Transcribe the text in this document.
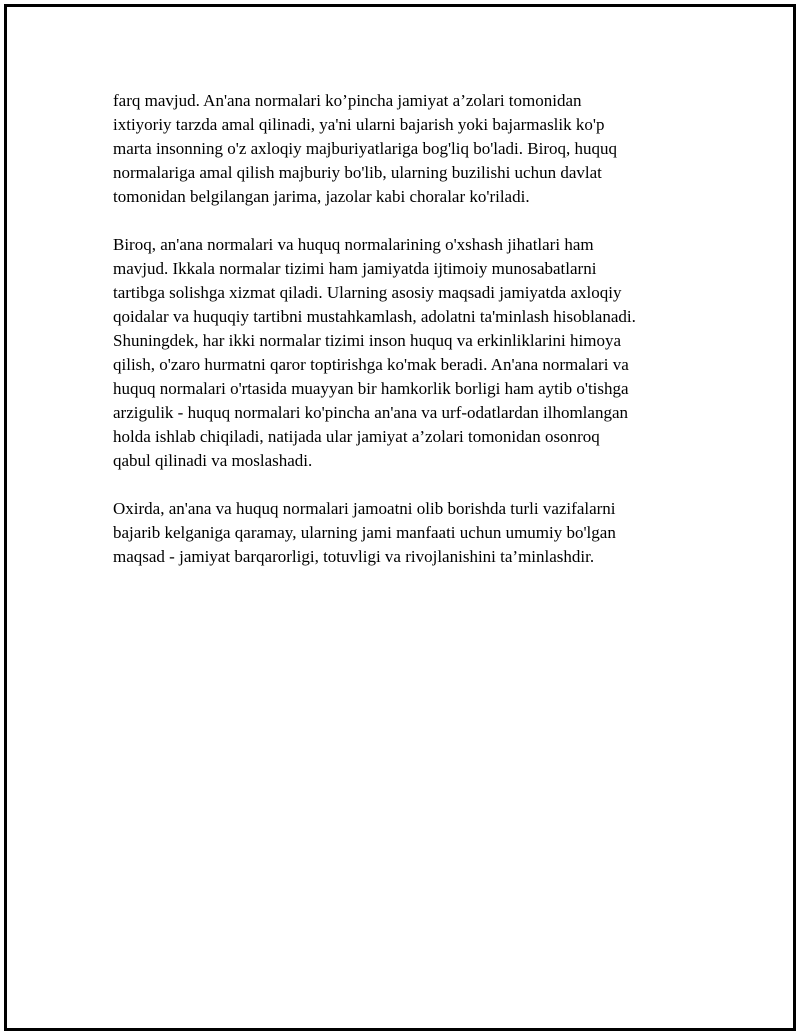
farq mavjud. An'ana normalari ko’pincha jamiyat a’zolari tomonidan
ixtiyoriy tarzda amal qilinadi, ya'ni ularni bajarish yoki bajarmaslik ko'p
marta insonning o'z axloqiy majburiyatlariga bog'liq bo'ladi. Biroq, huquq
normalariga amal qilish majburiy bo'lib, ularning buzilishi uchun davlat
tomonidan belgilangan jarima, jazolar kabi choralar ko'riladi.

Biroq, an'ana normalari va huquq normalarining o'xshash jihatlari ham
mavjud. Ikkala normalar tizimi ham jamiyatda ijtimoiy munosabatlarni
tartibga solishga xizmat qiladi. Ularning asosiy maqsadi jamiyatda axloqiy
qoidalar va huquqiy tartibni mustahkamlash, adolatni ta'minlash hisoblanadi.
Shuningdek, har ikki normalar tizimi inson huquq va erkinliklarini himoya
qilish, o'zaro hurmatni qaror toptirishga ko'mak beradi. An'ana normalari va
huquq normalari o'rtasida muayyan bir hamkorlik borligi ham aytib o'tishga
arzigulik - huquq normalari ko'pincha an'ana va urf-odatlardan ilhomlangan
holda ishlab chiqiladi, natijada ular jamiyat a’zolari tomonidan osonroq
qabul qilinadi va moslashadi.

Oxirda, an'ana va huquq normalari jamoatni olib borishda turli vazifalarni
bajarib kelganiga qaramay, ularning jami manfaati uchun umumiy bo'lgan
maqsad - jamiyat barqarorligi, totuvligi va rivojlanishini ta’minlashdir.
